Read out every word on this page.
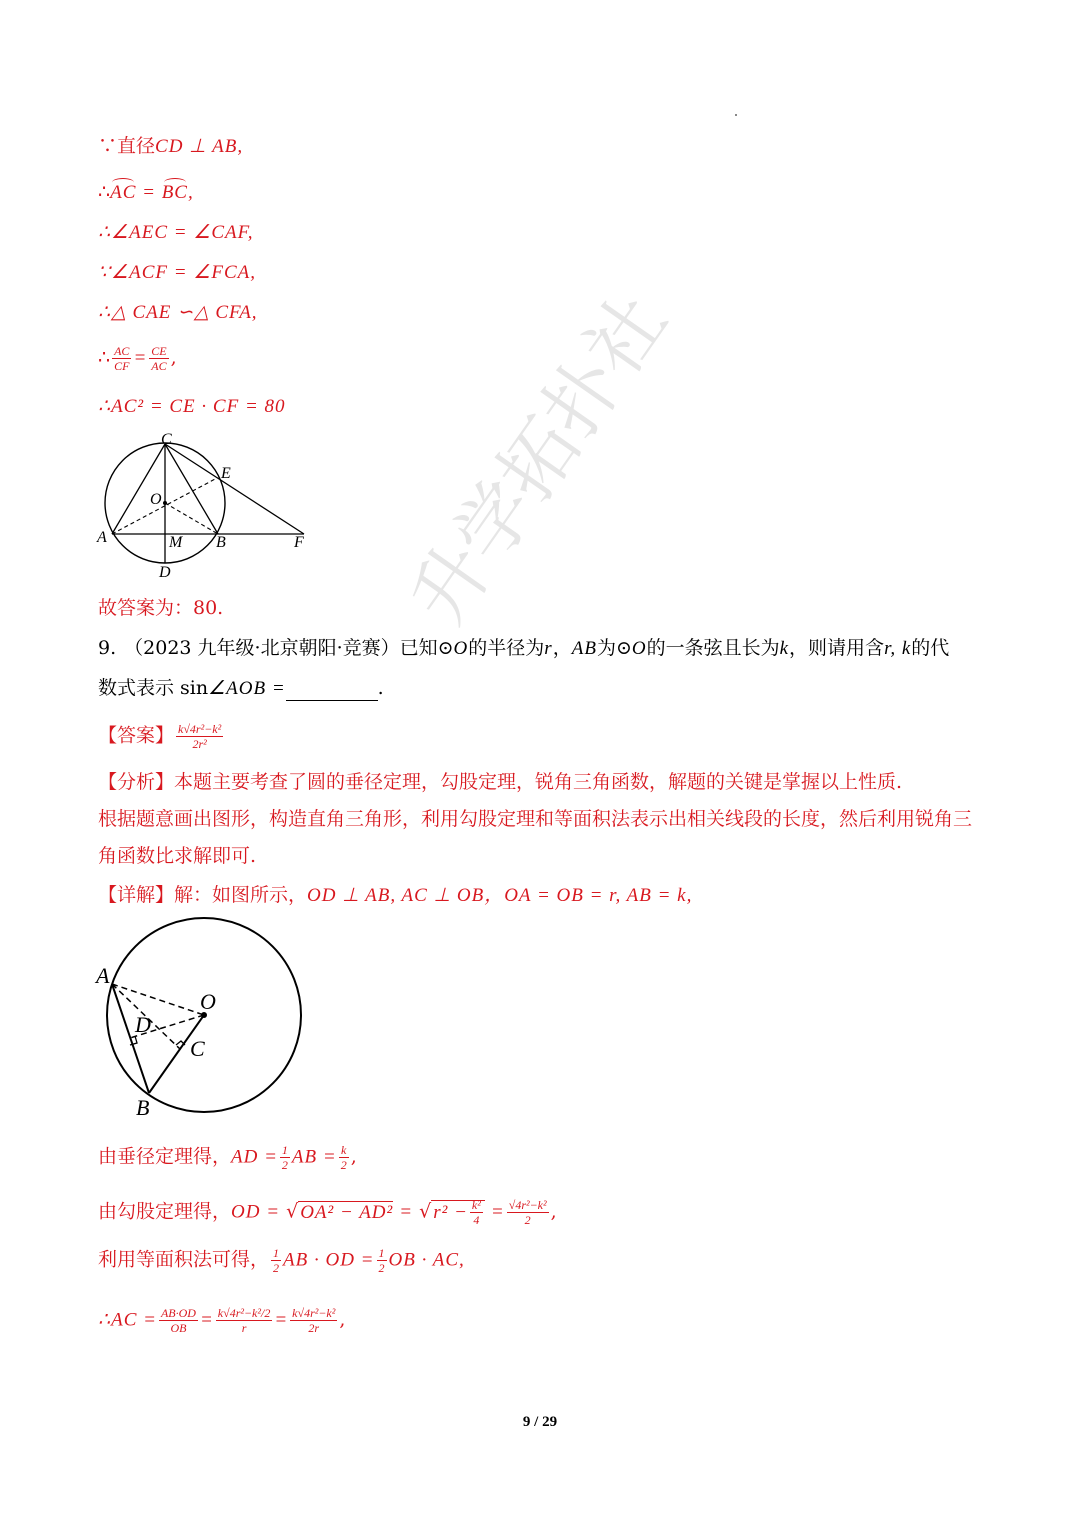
升学拓扑社
∵直径CD ⊥ AB,
∴AC = BC,
∴∠AEC = ∠CAF,
∵∠ACF = ∠FCA,
∴△ CAE ∽△ CFA,
∴ $\frac{AC}{CF} = \frac{CE}{AC}$ ,
∴AC² = CE · CF = 80
C
E
O
A	M B	F
D
故答案为：80.
9. （2023 九年级·北京朝阳·竞赛）已知⊙O的半径为r，AB为⊙O的一条弦且长为k，则请用含r, k的代
数式表示 sin∠AOB =	.
【答案】 $\frac{\text{k√4r²−k²}}{\text{2r²}}$
【分析】本题主要考查了圆的垂径定理，勾股定理，锐角三角函数，解题的关键是掌握以上性质.
根据题意画出图形，构造直角三角形，利用勾股定理和等面积法表示出相关线段的长度，然后利用锐角三
角函数比求解即可.
【详解】解：如图所示，OD ⊥ AB, AC ⊥ OB，OA = OB = r, AB = k,
A
O
D
C
B
由垂径定理得，AD = $\frac{1}{2}$ AB = $\frac{k}{2}$ ,
由勾股定理得，OD = √ OA² − AD² = √ $r^2 - \frac{\text{k²}}{4} = \frac{\text{√4r²−k²}}{2}$ ,
利用等面积法可得， $\frac{1}{2}$ AB · OD = $\frac{1}{2}$ OB · AC,
∴AC = $\frac{AB\cdot OD}{OB} = \frac{\text{k√4r²−k²/2}}{r} = \frac{\text{k√4r²−k²}}{2r}$ ,
9 / 29
